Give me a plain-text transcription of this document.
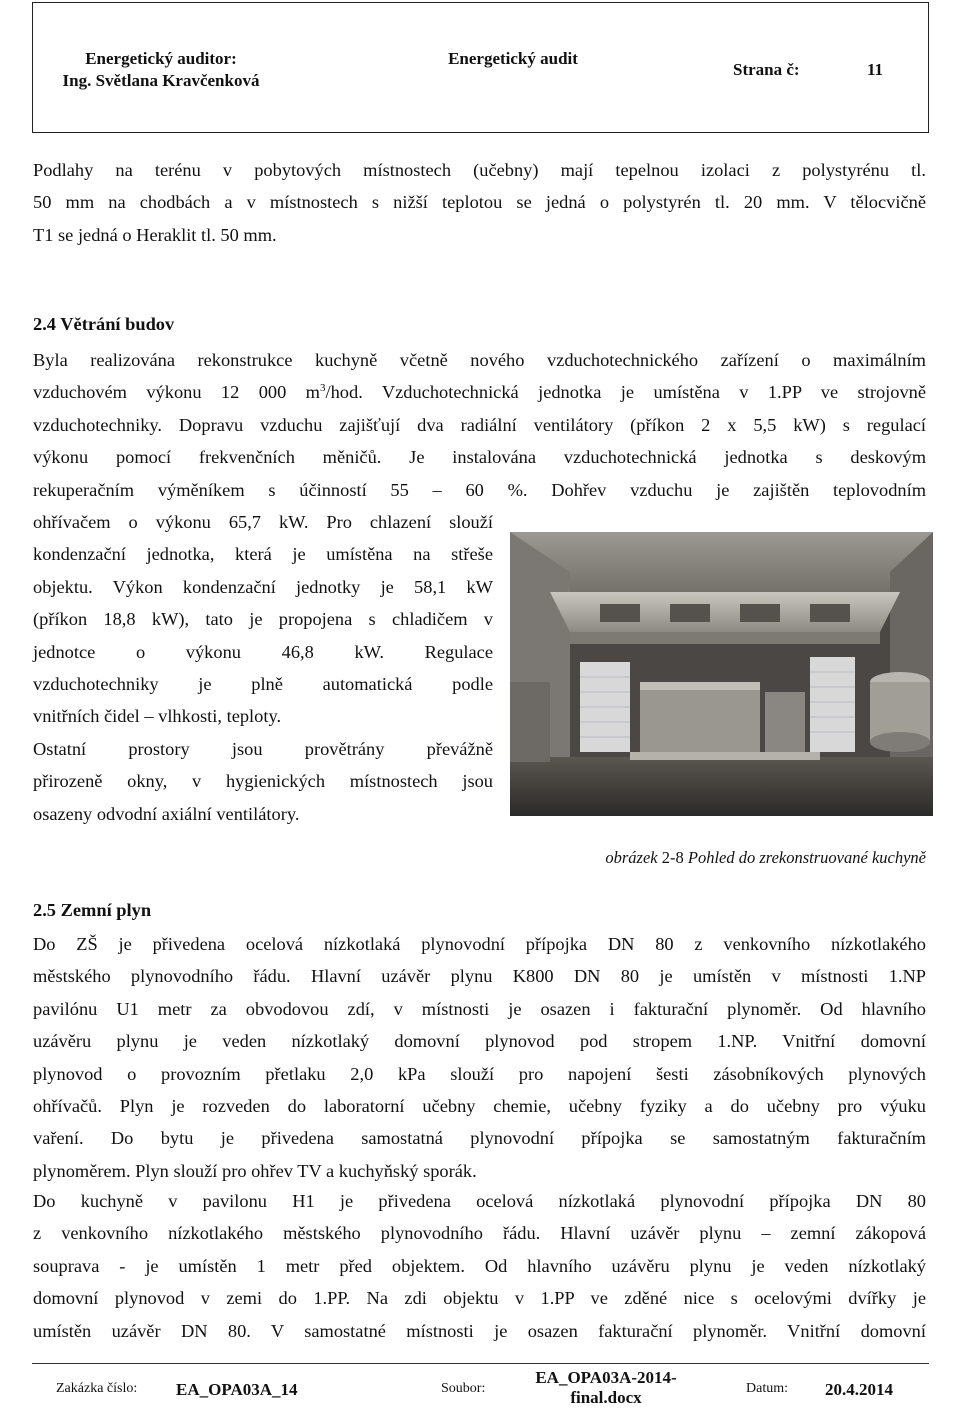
Energetický auditor:
Ing. Světlana Kravčenková
Energetický audit
Strana č:	11
Podlahy na terénu v pobytových místnostech (učebny) mají tepelnou izolaci z polystyrénu tl.
50 mm na chodbách a v místnostech s nižší teplotou se jedná o polystyrén tl. 20 mm. V tělocvičně
T1 se jedná o Heraklit tl. 50 mm.
2.4 Větrání budov
Byla realizována rekonstrukce kuchyně včetně nového vzduchotechnického zařízení o maximálním
vzduchovém výkonu 12 000 $m^3$/hod. Vzduchotechnická jednotka je umístěna v 1.PP ve strojovně
vzduchotechniky. Dopravu vzduchu zajišťují dva radiální ventilátory (příkon 2 x 5,5 kW) s regulací
výkonu pomocí frekvenčních měničů. Je instalována vzduchotechnická jednotka s deskovým
rekuperačním výměníkem s účinností 55 – 60 %. Dohřev vzduchu je zajištěn teplovodním
ohřívačem o výkonu 65,7 kW. Pro chlazení slouží
kondenzační jednotka, která je umístěna na střeše
objektu. Výkon kondenzační jednotky je 58,1 kW
(příkon 18,8 kW), tato je propojena s chladičem v
jednotce o výkonu 46,8 kW. Regulace
vzduchotechniky je plně automatická podle
vnitřních čidel – vlhkosti, teploty.
Ostatní prostory jsou provětrány převážně
přirozeně okny, v hygienických místnostech jsou
osazeny odvodní axiální ventilátory.
obrázek 2-8 Pohled do zrekonstruované kuchyně
2.5 Zemní plyn
Do ZŠ je přivedena ocelová nízkotlaká plynovodní přípojka DN 80 z venkovního nízkotlakého
městského plynovodního řádu. Hlavní uzávěr plynu K800 DN 80 je umístěn v místnosti 1.NP
pavilónu U1 metr za obvodovou zdí, v místnosti je osazen i fakturační plynoměr. Od hlavního
uzávěru plynu je veden nízkotlaký domovní plynovod pod stropem 1.NP. Vnitřní domovní
plynovod o provozním přetlaku 2,0 kPa slouží pro napojení šesti zásobníkových plynových
ohřívačů. Plyn je rozveden do laboratorní učebny chemie, učebny fyziky a do učebny pro výuku
vaření. Do bytu je přivedena samostatná plynovodní přípojka se samostatným fakturačním
plynoměrem. Plyn slouží pro ohřev TV a kuchyňský sporák.
Do kuchyně v pavilonu H1 je přivedena ocelová nízkotlaká plynovodní přípojka DN 80
z venkovního nízkotlakého městského plynovodního řádu. Hlavní uzávěr plynu – zemní zákopová
souprava - je umístěn 1 metr před objektem. Od hlavního uzávěru plynu je veden nízkotlaký
domovní plynovod v zemi do 1.PP. Na zdi objektu v 1.PP ve zděné nice s ocelovými dvířky je
umístěn uzávěr DN 80. V samostatné místnosti je osazen fakturační plynoměr. Vnitřní domovní
Zakázka číslo: EA_OPA03A_14	Soubor:
EA_OPA03A-2014-
final.docx	Datum: 20.4.2014
